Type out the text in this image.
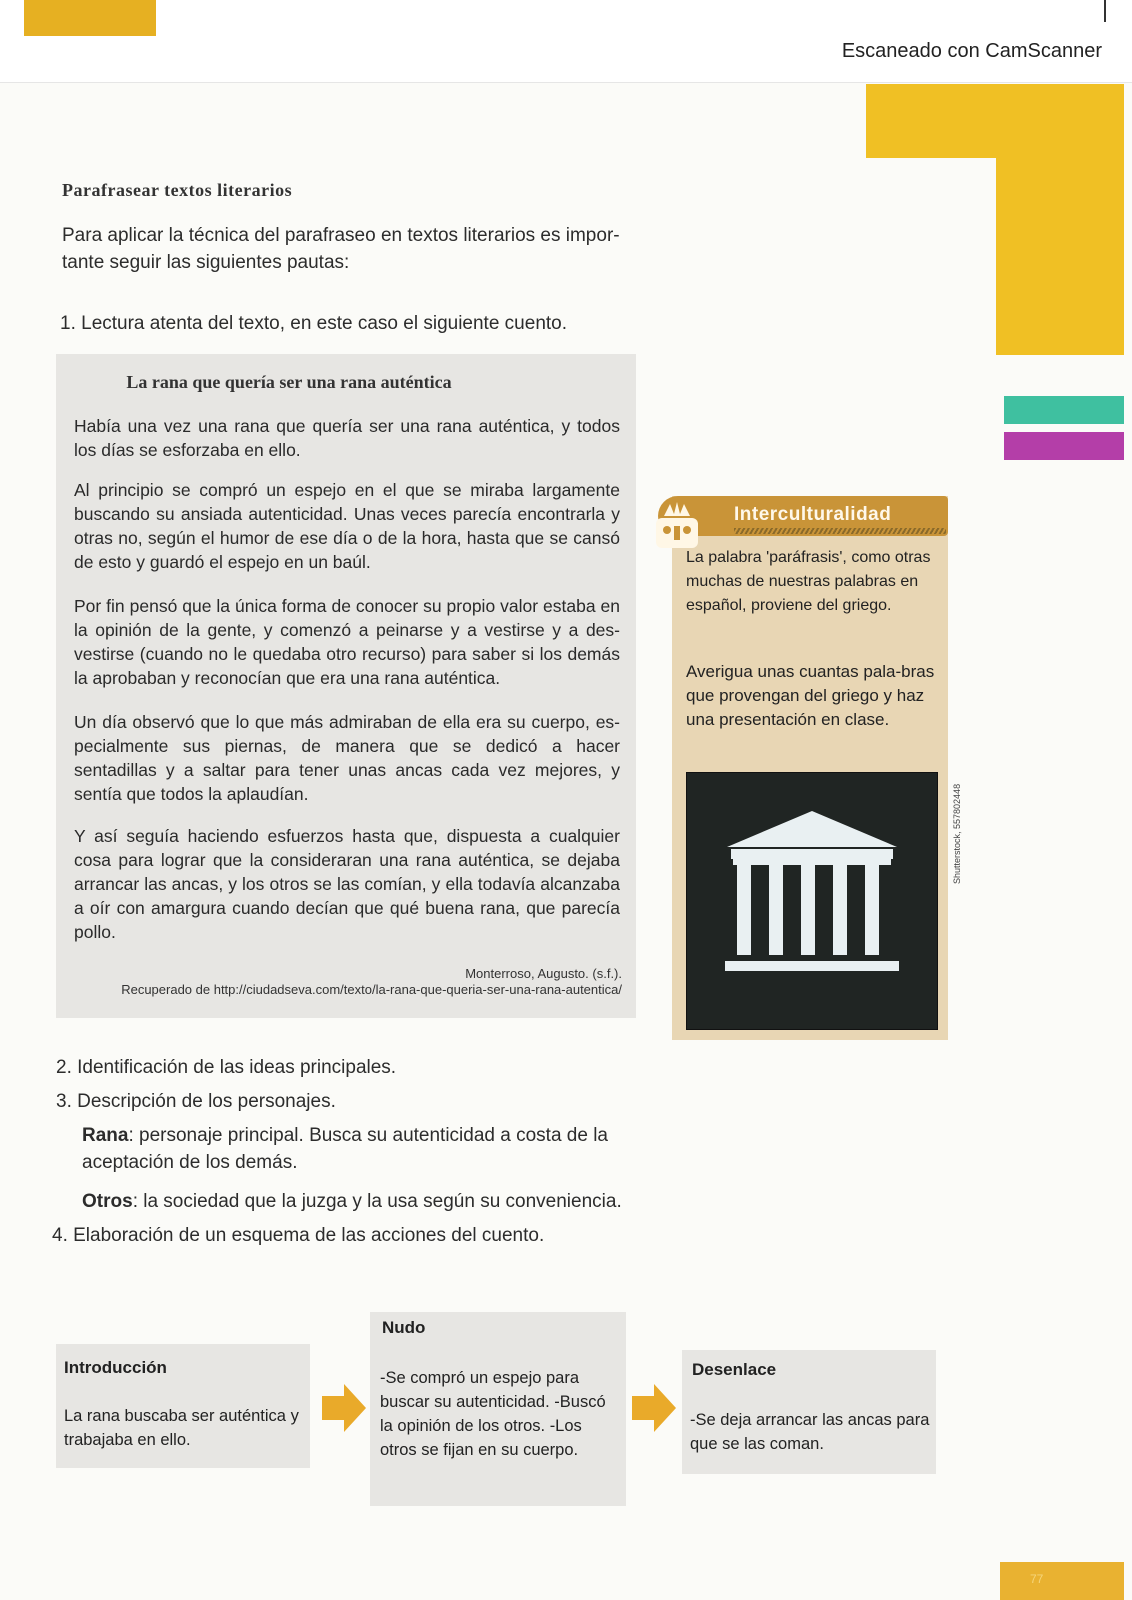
Escaneado con CamScanner
77
Parafrasear textos literarios
Para aplicar la técnica del parafraseo en textos literarios es impor-tante seguir las siguientes pautas:
1. Lectura atenta del texto, en este caso el siguiente cuento.
La rana que quería ser una rana auténtica
Había una vez una rana que quería ser una rana auténtica, y todos los días se esforzaba en ello.
Al principio se compró un espejo en el que se miraba largamente buscando su ansiada autenticidad. Unas veces parecía encontrarla y otras no, según el humor de ese día o de la hora, hasta que se cansó de esto y guardó el espejo en un baúl.
Por fin pensó que la única forma de conocer su propio valor estaba en la opinión de la gente, y comenzó a peinarse y a vestirse y a des-vestirse (cuando no le quedaba otro recurso) para saber si los demás la aprobaban y reconocían que era una rana auténtica.
Un día observó que lo que más admiraban de ella era su cuerpo, es-pecialmente sus piernas, de manera que se dedicó a hacer sentadillas y a saltar para tener unas ancas cada vez mejores, y sentía que todos la aplaudían.
Y así seguía haciendo esfuerzos hasta que, dispuesta a cualquier cosa para lograr que la consideraran una rana auténtica, se dejaba arrancar las ancas, y los otros se las comían, y ella todavía alcanzaba a oír con amargura cuando decían que qué buena rana, que parecía pollo.
Monterroso, Augusto. (s.f.).
Recuperado de http://ciudadseva.com/texto/la-rana-que-queria-ser-una-rana-autentica/
Interculturalidad
La palabra 'paráfrasis', como otras muchas de nuestras palabras en español, proviene del griego.
Averigua unas cuantas pala-bras que provengan del griego y haz una presentación en clase.
Shutterstock, 557802448
2. Identificación de las ideas principales.
3. Descripción de los personajes.
Rana: personaje principal. Busca su autenticidad a costa de la aceptación de los demás.
Otros: la sociedad que la juzga y la usa según su conveniencia.
4. Elaboración de un esquema de las acciones del cuento.
Introducción
La rana buscaba ser auténtica y trabajaba en ello.
Nudo
-Se compró un espejo para buscar su autenticidad. -Buscó la opinión de los otros. -Los otros se fijan en su cuerpo.
Desenlace
-Se deja arrancar las ancas para que se las coman.
